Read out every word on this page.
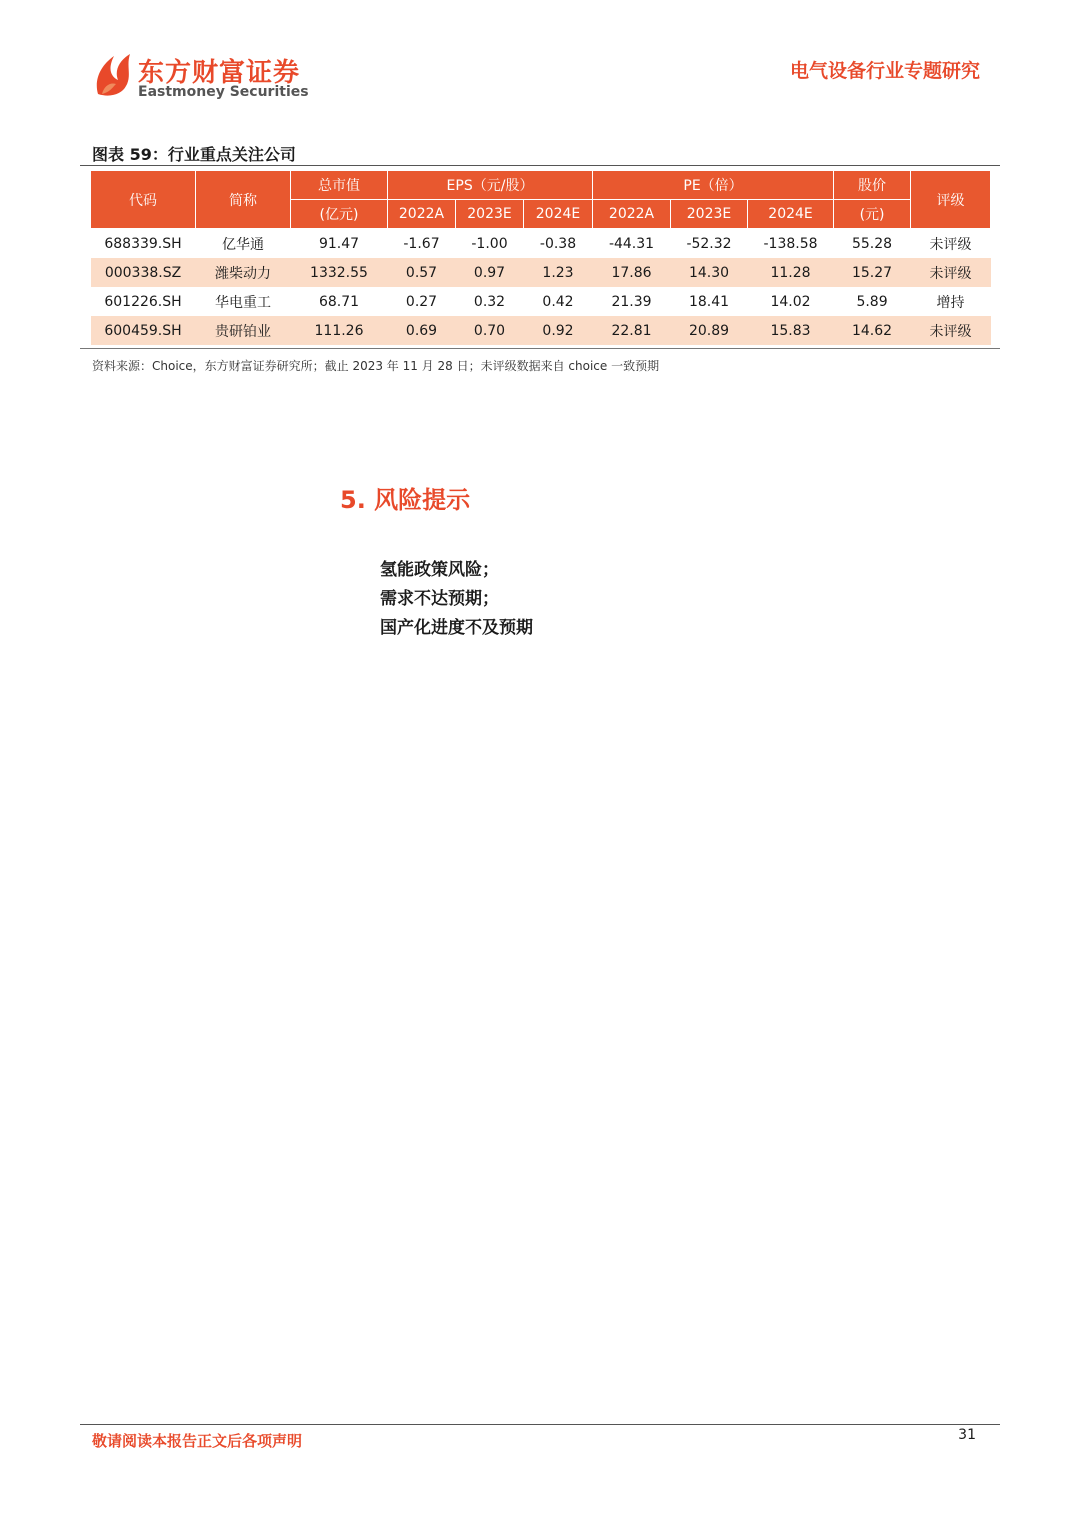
东方财富证券
Eastmoney Securities
电气设备行业专题研究
图表 59：行业重点关注公司
代码	简称	总市值	EPS（元/股）			PE（倍）			股价	评级
		(亿元)	2022A	2023E	2024E	2022A	2023E	2024E	(元)	
688339.SH	亿华通	91.47	-1.67	-1.00	-0.38	-44.31	-52.32	-138.58	55.28	未评级
000338.SZ	潍柴动力	1332.55	0.57	0.97	1.23	17.86	14.30	11.28	15.27	未评级
601226.SH	华电重工	68.71	0.27	0.32	0.42	21.39	18.41	14.02	5.89	增持
600459.SH	贵研铂业	111.26	0.69	0.70	0.92	22.81	20.89	15.83	14.62	未评级
资料来源：Choice，东方财富证券研究所；截止 2023 年 11 月 28 日；未评级数据来自 choice 一致预期
5. 风险提示
氢能政策风险；
需求不达预期；
国产化进度不及预期
敬请阅读本报告正文后各项声明	31
